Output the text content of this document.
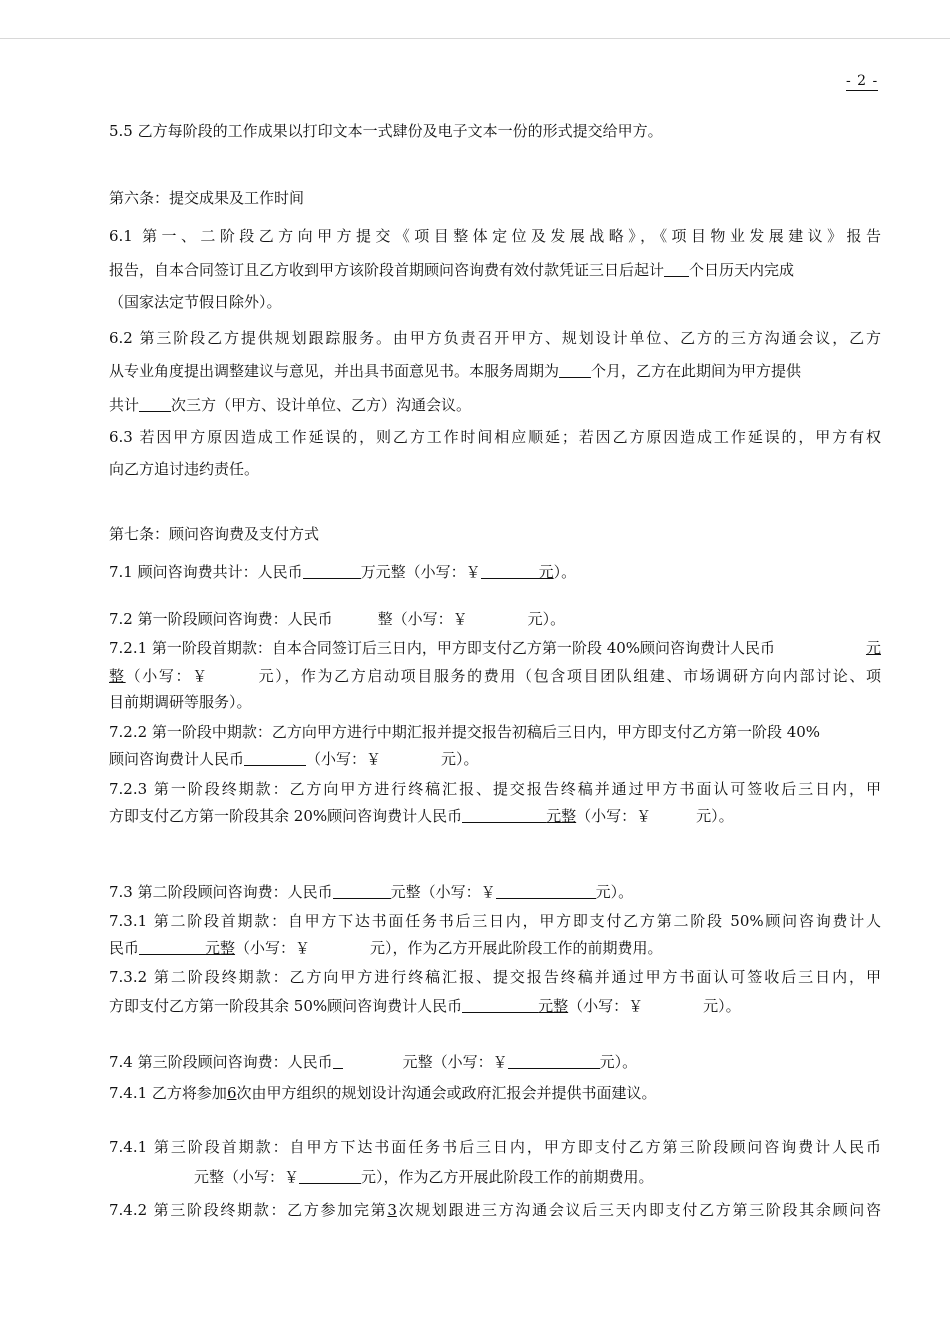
- 2 -
5.5 乙方每阶段的工作成果以打印文本一式肆份及电子文本一份的形式提交给甲方。
第六条：提交成果及工作时间
6.1 第一、二阶段乙方向甲方提交《项目整体定位及发展战略》，《项目物业发展建议》报告
报告，自本合同签订且乙方收到甲方该阶段首期顾问咨询费有效付款凭证三日后起计 个日历天内完成
（国家法定节假日除外）。
6.2 第三阶段乙方提供规划跟踪服务。由甲方负责召开甲方、规划设计单位、乙方的三方沟通会议，乙方
从专业角度提出调整建议与意见，并出具书面意见书。本服务周期为 个月，乙方在此期间为甲方提供
共计 次三方（甲方、设计单位、乙方）沟通会议。
6.3 若因甲方原因造成工作延误的，则乙方工作时间相应顺延；若因乙方原因造成工作延误的，甲方有权
向乙方追讨违约责任。
第七条：顾问咨询费及支付方式
7.1 顾问咨询费共计：人民币	万元整（小写：￥	元）。
7.2 第一阶段顾问咨询费：人民币　　　整（小写：￥　　　　元）。
7.2.1 第一阶段首期款：自本合同签订后三日内，甲方即支付乙方第一阶段 40%顾问咨询费计人民币	元
整（小写：￥　　　元），作为乙方启动项目服务的费用（包含项目团队组建、市场调研方向内部讨论、项
目前期调研等服务）。
7.2.2 第一阶段中期款：乙方向甲方进行中期汇报并提交报告初稿后三日内，甲方即支付乙方第一阶段 40%
顾问咨询费计人民币	（小写：￥　　　　元）。
7.2.3 第一阶段终期款：乙方向甲方进行终稿汇报、提交报告终稿并通过甲方书面认可签收后三日内，甲
方即支付乙方第一阶段其余 20%顾问咨询费计人民币	元整（小写：￥　　　元）。
7.3 第二阶段顾问咨询费：人民币	元整（小写：￥	元）。
7.3.1 第二阶段首期款：自甲方下达书面任务书后三日内，甲方即支付乙方第二阶段 50%顾问咨询费计人
民币	元整（小写：￥　　　　元），作为乙方开展此阶段工作的前期费用。
7.3.2 第二阶段终期款：乙方向甲方进行终稿汇报、提交报告终稿并通过甲方书面认可签收后三日内，甲
方即支付乙方第一阶段其余 50%顾问咨询费计人民币	元整（小写：￥　　　　元）。
7.4 第三阶段顾问咨询费：人民币	元整（小写：￥	元）。
7.4.1 乙方将参加6次由甲方组织的规划设计沟通会或政府汇报会并提供书面建议。
7.4.1 第三阶段首期款：自甲方下达书面任务书后三日内，甲方即支付乙方第三阶段顾问咨询费计人民币
元整（小写：￥	元），作为乙方开展此阶段工作的前期费用。
7.4.2 第三阶段终期款：乙方参加完第3次规划跟进三方沟通会议后三天内即支付乙方第三阶段其余顾问咨
